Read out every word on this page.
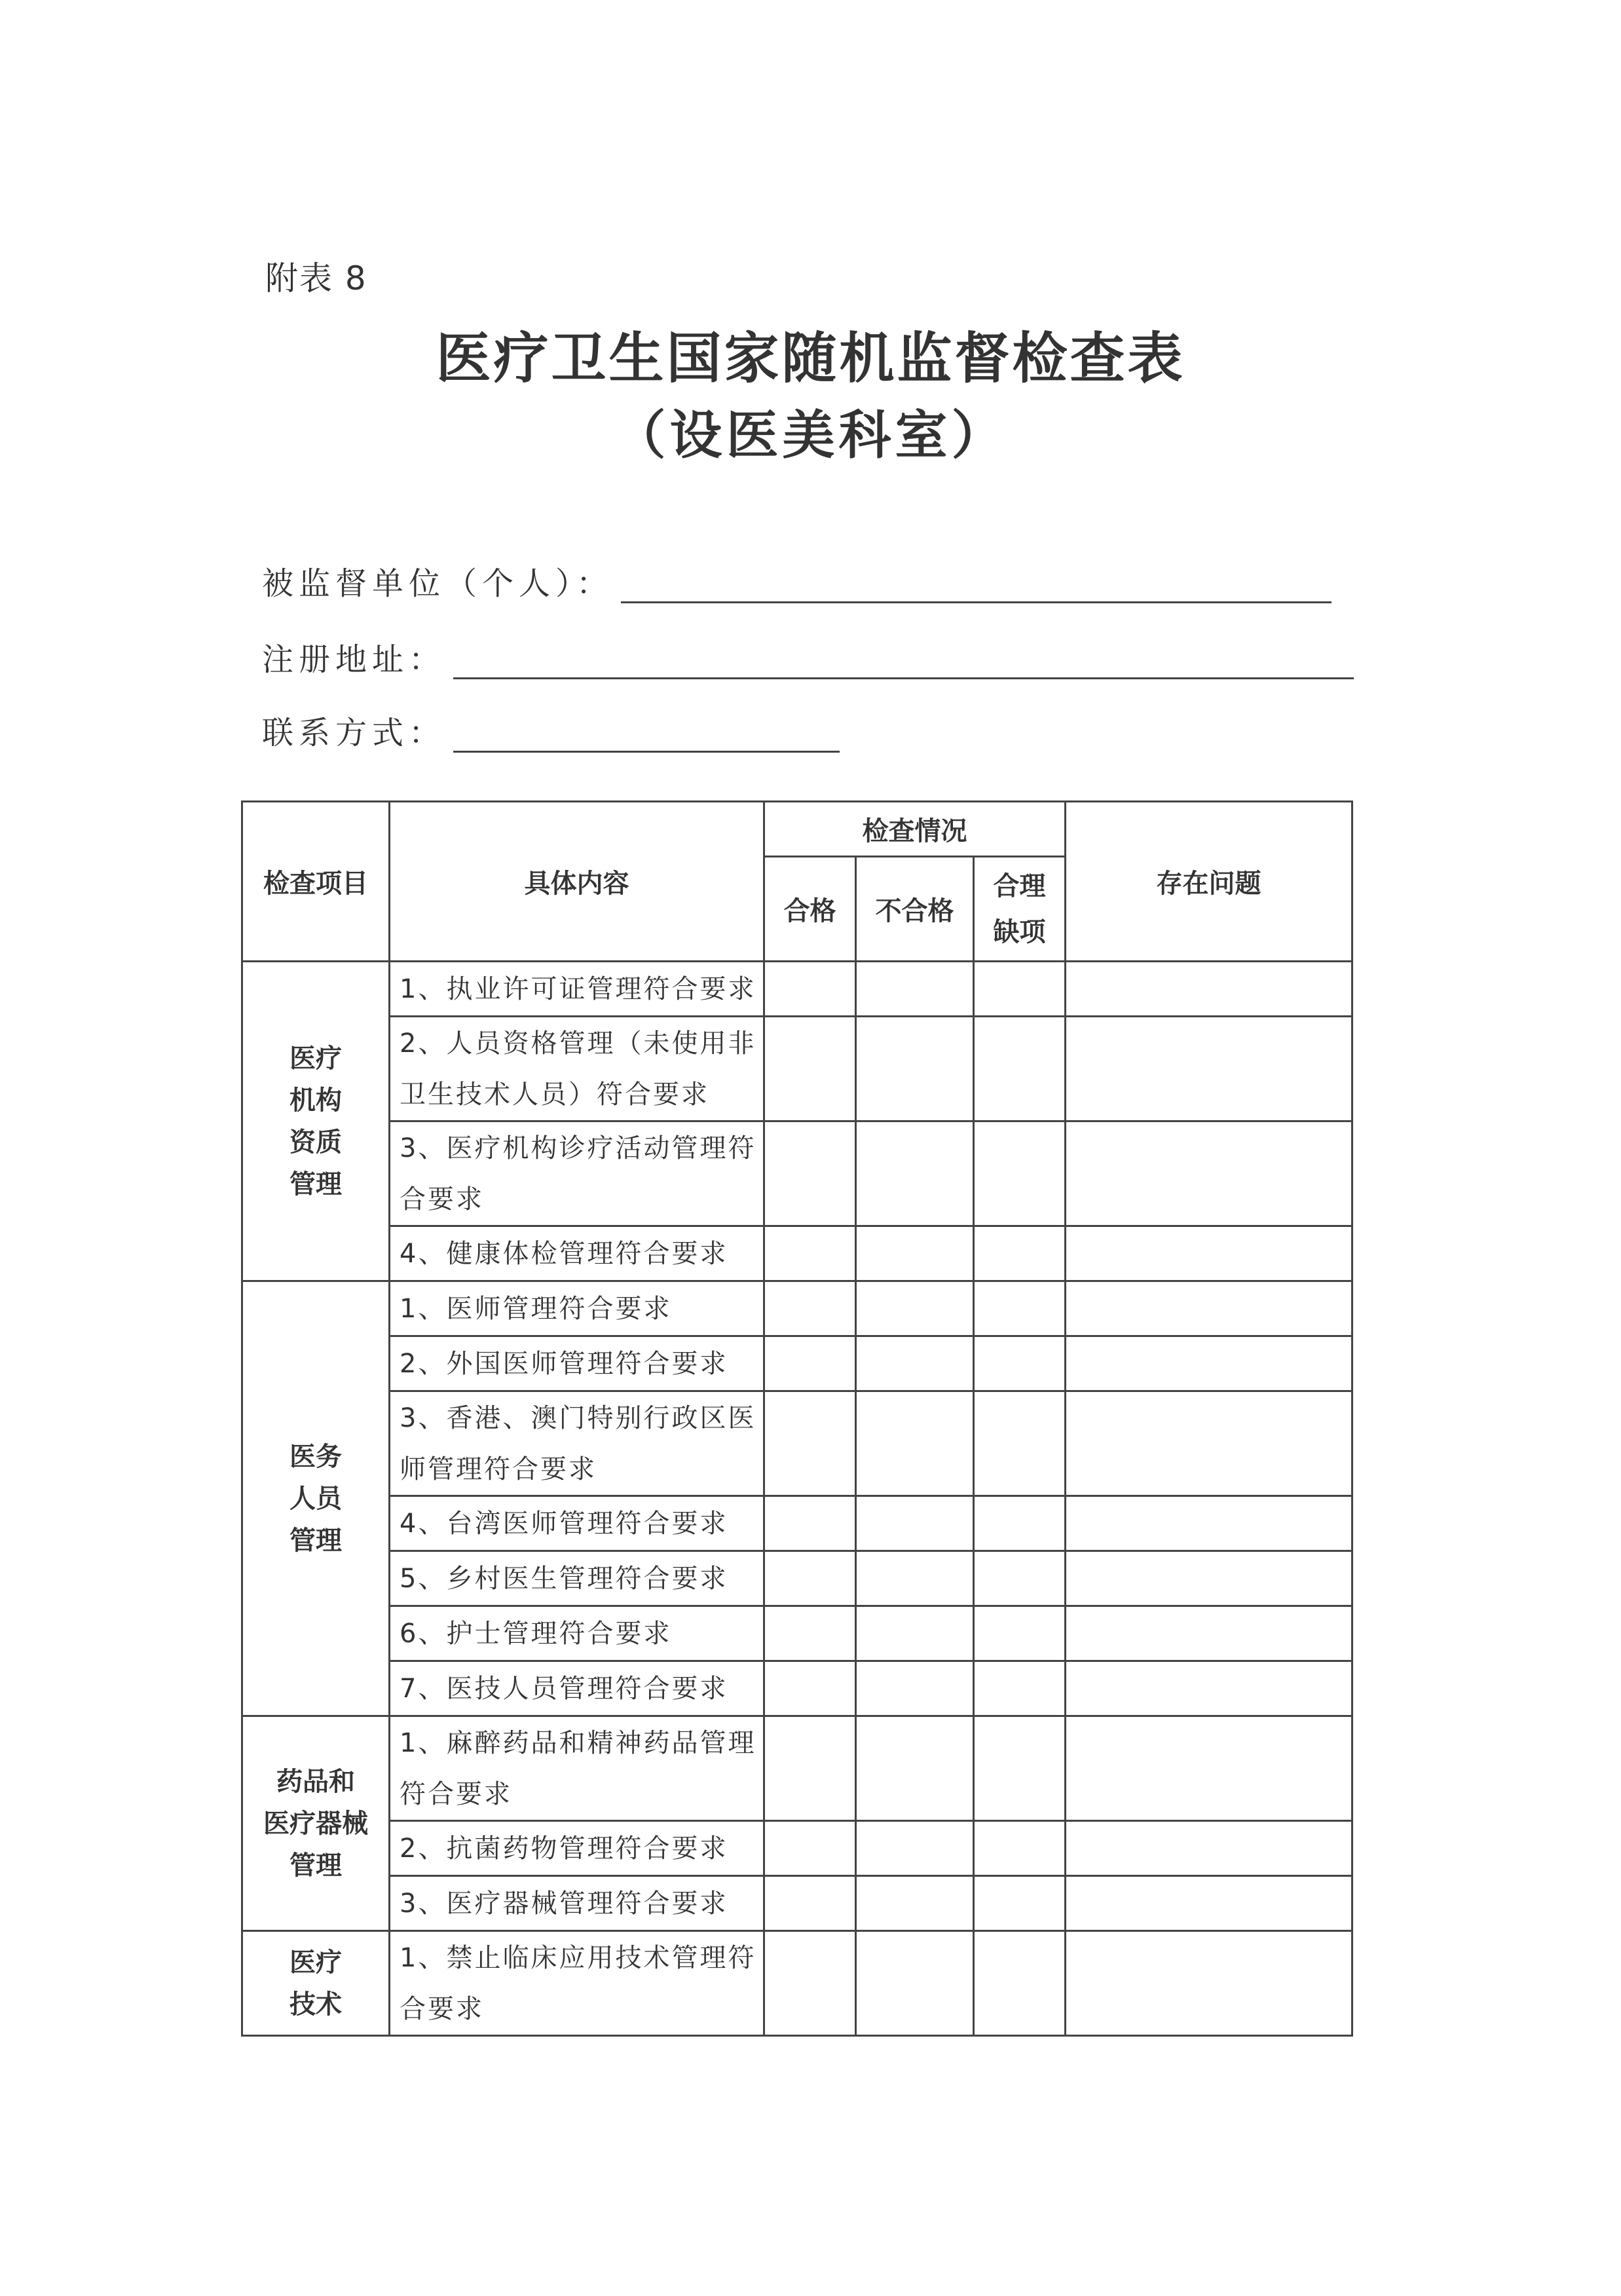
附表 8
医疗卫生国家随机监督检查表
（设医美科室）
被监督单位（个人）：
注册地址：
联系方式：
检查项目	具体内容	检查情况			存在问题
		合格	不合格	合理
缺项	

医疗
机构
资质
管理	1、执业许可证管理符合要求				

	2、人员资格管理（未使用非
卫生技术人员）符合要求				

	3、医疗机构诊疗活动管理符
合要求				

	4、健康体检管理符合要求				

医务
人员
管理	1、医师管理符合要求				

	2、外国医师管理符合要求				

	3、香港、澳门特别行政区医
师管理符合要求				

	4、台湾医师管理符合要求				

	5、乡村医生管理符合要求				

	6、护士管理符合要求				

	7、医技人员管理符合要求				

药品和
医疗器械
管理	1、麻醉药品和精神药品管理
符合要求				

	2、抗菌药物管理符合要求				

	3、医疗器械管理符合要求				

医疗
技术	1、禁止临床应用技术管理符
合要求				
